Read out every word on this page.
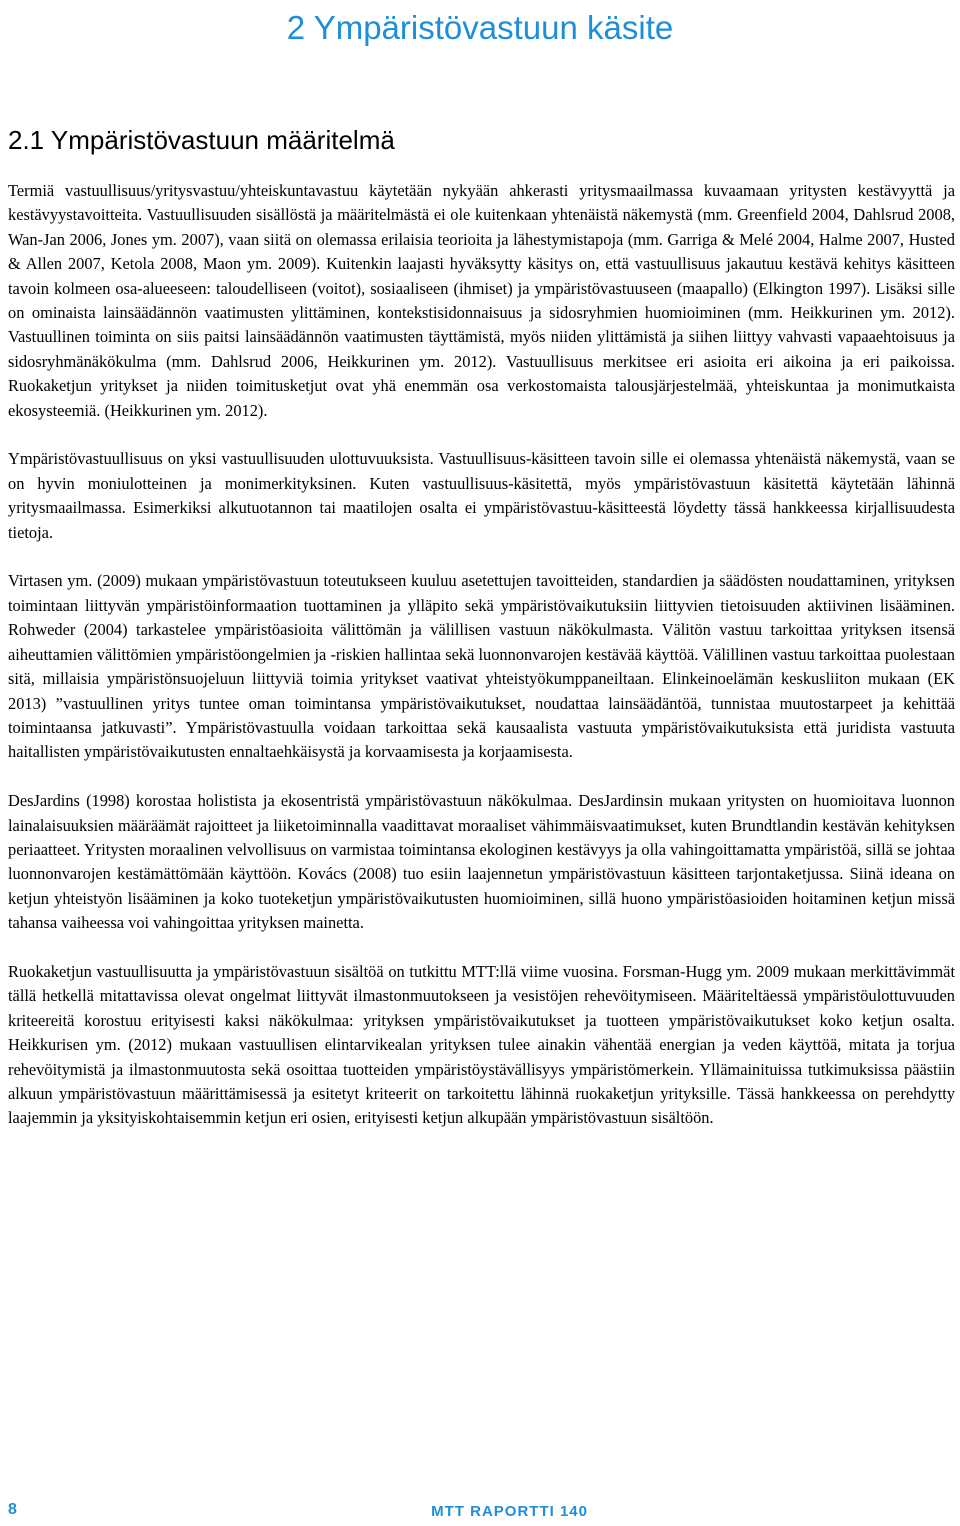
2 Ympäristövastuun käsite
2.1 Ympäristövastuun määritelmä

Termiä vastuullisuus/yritysvastuu/yhteiskuntavastuu käytetään nykyään ahkerasti yritysmaailmassa kuvaamaan yritysten kestävyyttä ja kestävyystavoitteita. Vastuullisuuden sisällöstä ja määritelmästä ei ole kuitenkaan yhtenäistä näkemystä (mm. Greenfield 2004, Dahlsrud 2008, Wan-Jan 2006, Jones ym. 2007), vaan siitä on olemassa erilaisia teorioita ja lähestymistapoja (mm. Garriga & Melé 2004, Halme 2007, Husted & Allen 2007, Ketola 2008, Maon ym. 2009). Kuitenkin laajasti hyväksytty käsitys on, että vastuullisuus jakautuu kestävä kehitys käsitteen tavoin kolmeen osa-alueeseen: taloudelliseen (voitot), sosiaaliseen (ihmiset) ja ympäristövastuuseen (maapallo) (Elkington 1997). Lisäksi sille on ominaista lainsäädännön vaatimusten ylittäminen, kontekstisidonnaisuus ja sidosryhmien huomioiminen (mm. Heikkurinen ym. 2012). Vastuullinen toiminta on siis paitsi lainsäädännön vaatimusten täyttämistä, myös niiden ylittämistä ja siihen liittyy vahvasti vapaaehtoisuus ja sidosryhmänäkökulma (mm. Dahlsrud 2006, Heikkurinen ym. 2012). Vastuullisuus merkitsee eri asioita eri aikoina ja eri paikoissa. Ruokaketjun yritykset ja niiden toimitusketjut ovat yhä enemmän osa verkostomaista talousjärjestelmää, yhteiskuntaa ja monimutkaista ekosysteemiä. (Heikkurinen ym. 2012).

Ympäristövastuullisuus on yksi vastuullisuuden ulottuvuuksista. Vastuullisuus-käsitteen tavoin sille ei olemassa yhtenäistä näkemystä, vaan se on hyvin moniulotteinen ja monimerkityksinen. Kuten vastuullisuus-käsitettä, myös ympäristövastuun käsitettä käytetään lähinnä yritysmaailmassa. Esimerkiksi alkutuotannon tai maatilojen osalta ei ympäristövastuu-käsitteestä löydetty tässä hankkeessa kirjallisuudesta tietoja.

Virtasen ym. (2009) mukaan ympäristövastuun toteutukseen kuuluu asetettujen tavoitteiden, standardien ja säädösten noudattaminen, yrityksen toimintaan liittyvän ympäristöinformaation tuottaminen ja ylläpito sekä ympäristövaikutuksiin liittyvien tietoisuuden aktiivinen lisääminen. Rohweder (2004) tarkastelee ympäristöasioita välittömän ja välillisen vastuun näkökulmasta. Välitön vastuu tarkoittaa yrityksen itsensä aiheuttamien välittömien ympäristöongelmien ja -riskien hallintaa sekä luonnonvarojen kestävää käyttöä. Välillinen vastuu tarkoittaa puolestaan sitä, millaisia ympäristönsuojeluun liittyviä toimia yritykset vaativat yhteistyökumppaneiltaan. Elinkeinoelämän keskusliiton mukaan (EK 2013) ”vastuullinen yritys tuntee oman toimintansa ympäristövaikutukset, noudattaa lainsäädäntöä, tunnistaa muutostarpeet ja kehittää toimintaansa jatkuvasti”. Ympäristövastuulla voidaan tarkoittaa sekä kausaalista vastuuta ympäristövaikutuksista että juridista vastuuta haitallisten ympäristövaikutusten ennaltaehkäisystä ja korvaamisesta ja korjaamisesta.

DesJardins (1998) korostaa holistista ja ekosentristä ympäristövastuun näkökulmaa. DesJardinsin mukaan yritysten on huomioitava luonnon lainalaisuuksien määräämät rajoitteet ja liiketoiminnalla vaadittavat moraaliset vähimmäisvaatimukset, kuten Brundtlandin kestävän kehityksen periaatteet. Yritysten moraalinen velvollisuus on varmistaa toimintansa ekologinen kestävyys ja olla vahingoittamatta ympäristöä, sillä se johtaa luonnonvarojen kestämättömään käyttöön. Kovács (2008) tuo esiin laajennetun ympäristövastuun käsitteen tarjontaketjussa. Siinä ideana on ketjun yhteistyön lisääminen ja koko tuoteketjun ympäristövaikutusten huomioiminen, sillä huono ympäristöasioiden hoitaminen ketjun missä tahansa vaiheessa voi vahingoittaa yrityksen mainetta.

Ruokaketjun vastuullisuutta ja ympäristövastuun sisältöä on tutkittu MTT:llä viime vuosina. Forsman-Hugg ym. 2009 mukaan merkittävimmät tällä hetkellä mitattavissa olevat ongelmat liittyvät ilmastonmuutokseen ja vesistöjen rehevöitymiseen. Määriteltäessä ympäristöulottuvuuden kriteereitä korostuu erityisesti kaksi näkökulmaa: yrityksen ympäristövaikutukset ja tuotteen ympäristövaikutukset koko ketjun osalta. Heikkurisen ym. (2012) mukaan vastuullisen elintarvikealan yrityksen tulee ainakin vähentää energian ja veden käyttöä, mitata ja torjua rehevöitymistä ja ilmastonmuutosta sekä osoittaa tuotteiden ympäristöystävällisyys ympäristömerkein. Yllämainituissa tutkimuksissa päästiin alkuun ympäristövastuun määrittämisessä ja esitetyt kriteerit on tarkoitettu lähinnä ruokaketjun yrityksille. Tässä hankkeessa on perehdytty laajemmin ja yksityiskohtaisemmin ketjun eri osien, erityisesti ketjun alkupään ympäristövastuun sisältöön.

8	MTT RAPORTTI 140
